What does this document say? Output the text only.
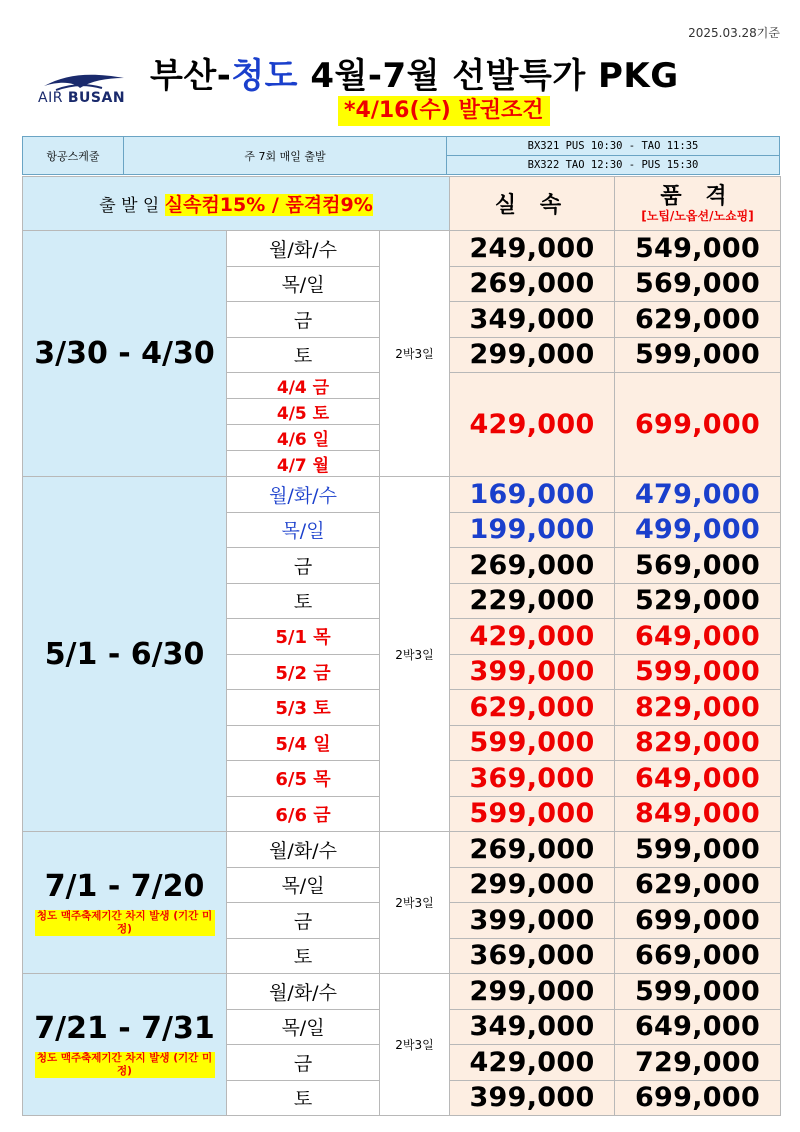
2025.03.28기준
AIR BUSAN
부산-청도 4월-7월 선발특가 PKG
*4/16(수) 발권조건
항공스케줄	주 7회 매일 출발	BX321 PUS 10:30 - TAO 11:35
BX322 TAO 12:30 - PUS 15:30
출 발 일 실속컴15% / 품격컴9%			실 속	품 격
[노팁/노옵션/노쇼핑]

3/30 - 4/30	월/화/수	2박3일	249,000	549,000
	목/일		269,000	569,000
	금		349,000	629,000
	토		299,000	599,000
	4/4 금		429,000	699,000
	4/5 토			
	4/6 일			
	4/7 월			

5/1 - 6/30	월/화/수	2박3일	169,000	479,000
	목/일		199,000	499,000
	금		269,000	569,000
	토		229,000	529,000
	5/1 목		429,000	649,000
	5/2 금		399,000	599,000
	5/3 토		629,000	829,000
	5/4 일		599,000	829,000
	6/5 목		369,000	649,000
	6/6 금		599,000	849,000

7/1 - 7/20
청도 맥주축제기간 차지 발생 (기간 미정)	월/화/수	2박3일	269,000	599,000
	목/일		299,000	629,000
	금		399,000	699,000
	토		369,000	669,000

7/21 - 7/31
청도 맥주축제기간 차지 발생 (기간 미정)	월/화/수	2박3일	299,000	599,000
	목/일		349,000	649,000
	금		429,000	729,000
	토		399,000	699,000
